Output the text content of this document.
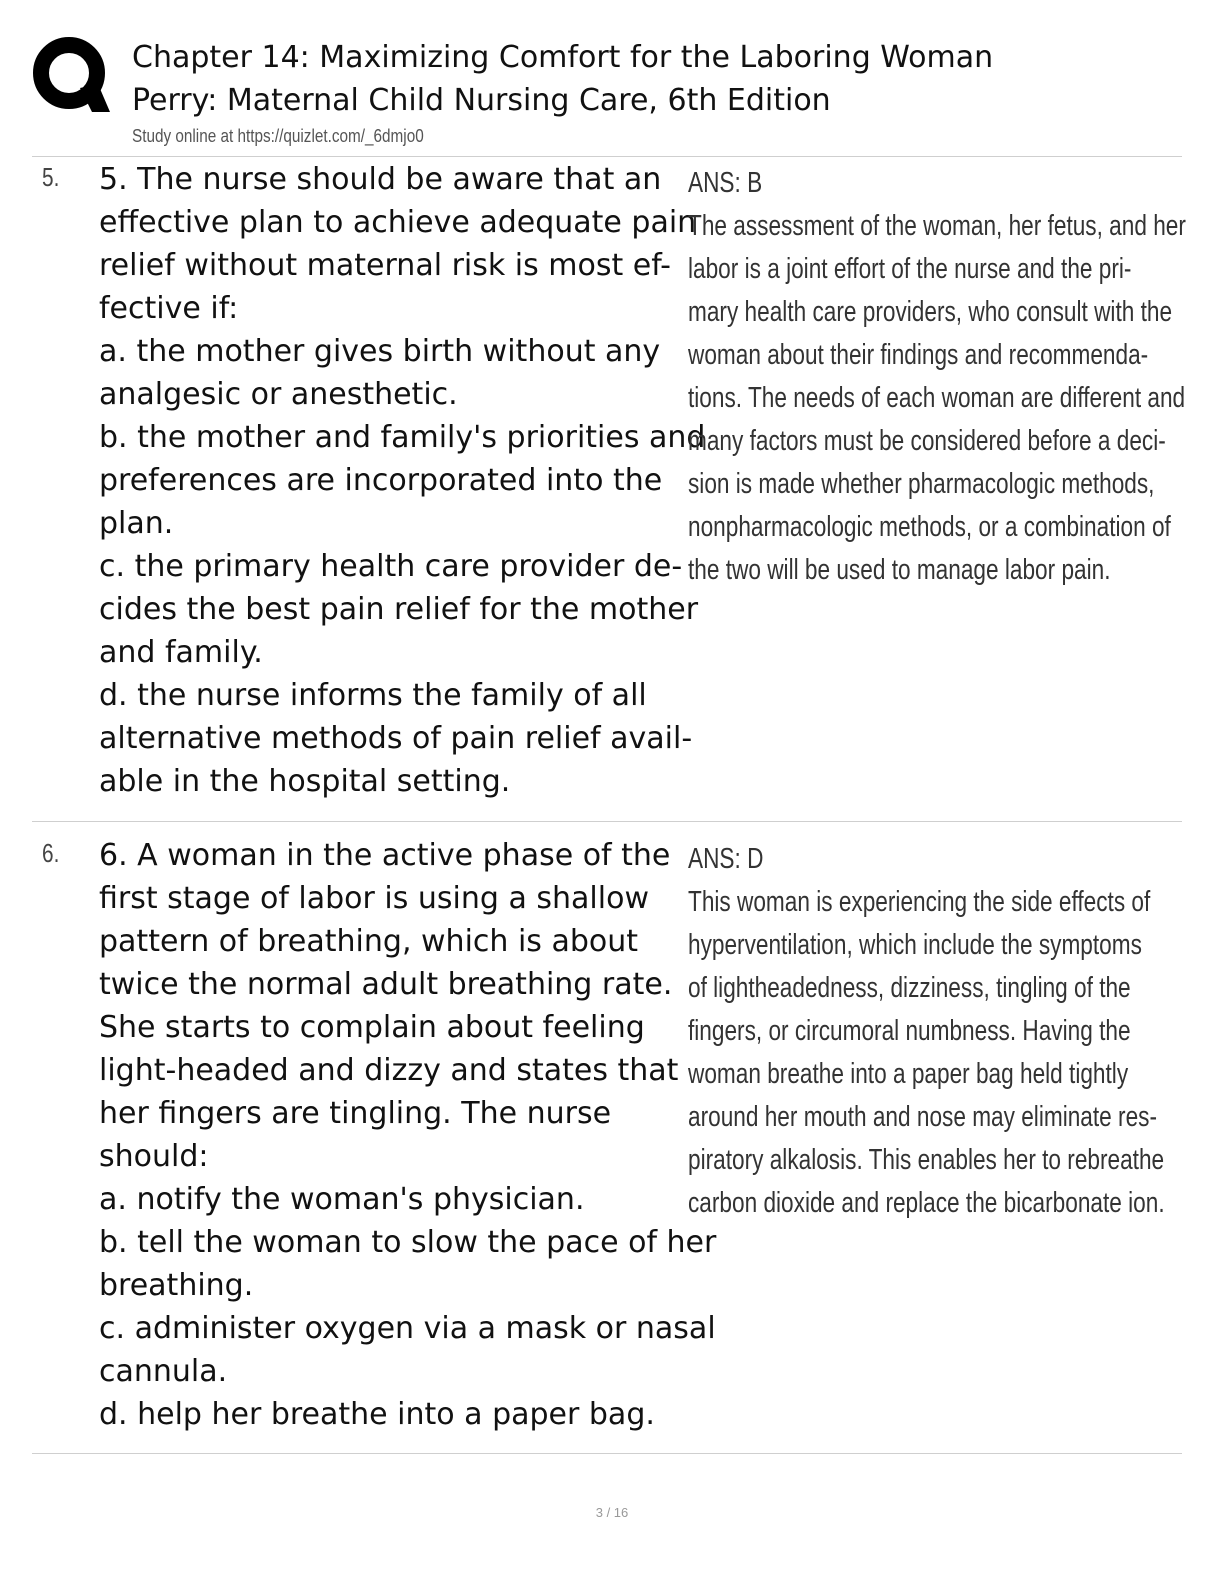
Chapter 14: Maximizing Comfort for the Laboring Woman
Perry: Maternal Child Nursing Care, 6th Edition
Study online at https://quizlet.com/_6dmjo0
5. 5. The nurse should be aware that an
effective plan to achieve adequate pain
relief without maternal risk is most ef-
fective if:
a. the mother gives birth without any
analgesic or anesthetic.
b. the mother and family's priorities and
preferences are incorporated into the
plan.
c. the primary health care provider de-
cides the best pain relief for the mother
and family.
d. the nurse informs the family of all
alternative methods of pain relief avail-
able in the hospital setting.
ANS: B
The assessment of the woman, her fetus, and her
labor is a joint effort of the nurse and the pri-
mary health care providers, who consult with the
woman about their findings and recommenda-
tions. The needs of each woman are different and
many factors must be considered before a deci-
sion is made whether pharmacologic methods,
nonpharmacologic methods, or a combination of
the two will be used to manage labor pain.
6. 6. A woman in the active phase of the
first stage of labor is using a shallow
pattern of breathing, which is about
twice the normal adult breathing rate.
She starts to complain about feeling
light-headed and dizzy and states that
her fingers are tingling. The nurse
should:
a. notify the woman's physician.
b. tell the woman to slow the pace of her
breathing.
c. administer oxygen via a mask or nasal
cannula.
d. help her breathe into a paper bag.
ANS: D
This woman is experiencing the side effects of
hyperventilation, which include the symptoms
of lightheadedness, dizziness, tingling of the
fingers, or circumoral numbness. Having the
woman breathe into a paper bag held tightly
around her mouth and nose may eliminate res-
piratory alkalosis. This enables her to rebreathe
carbon dioxide and replace the bicarbonate ion.
3 / 16
